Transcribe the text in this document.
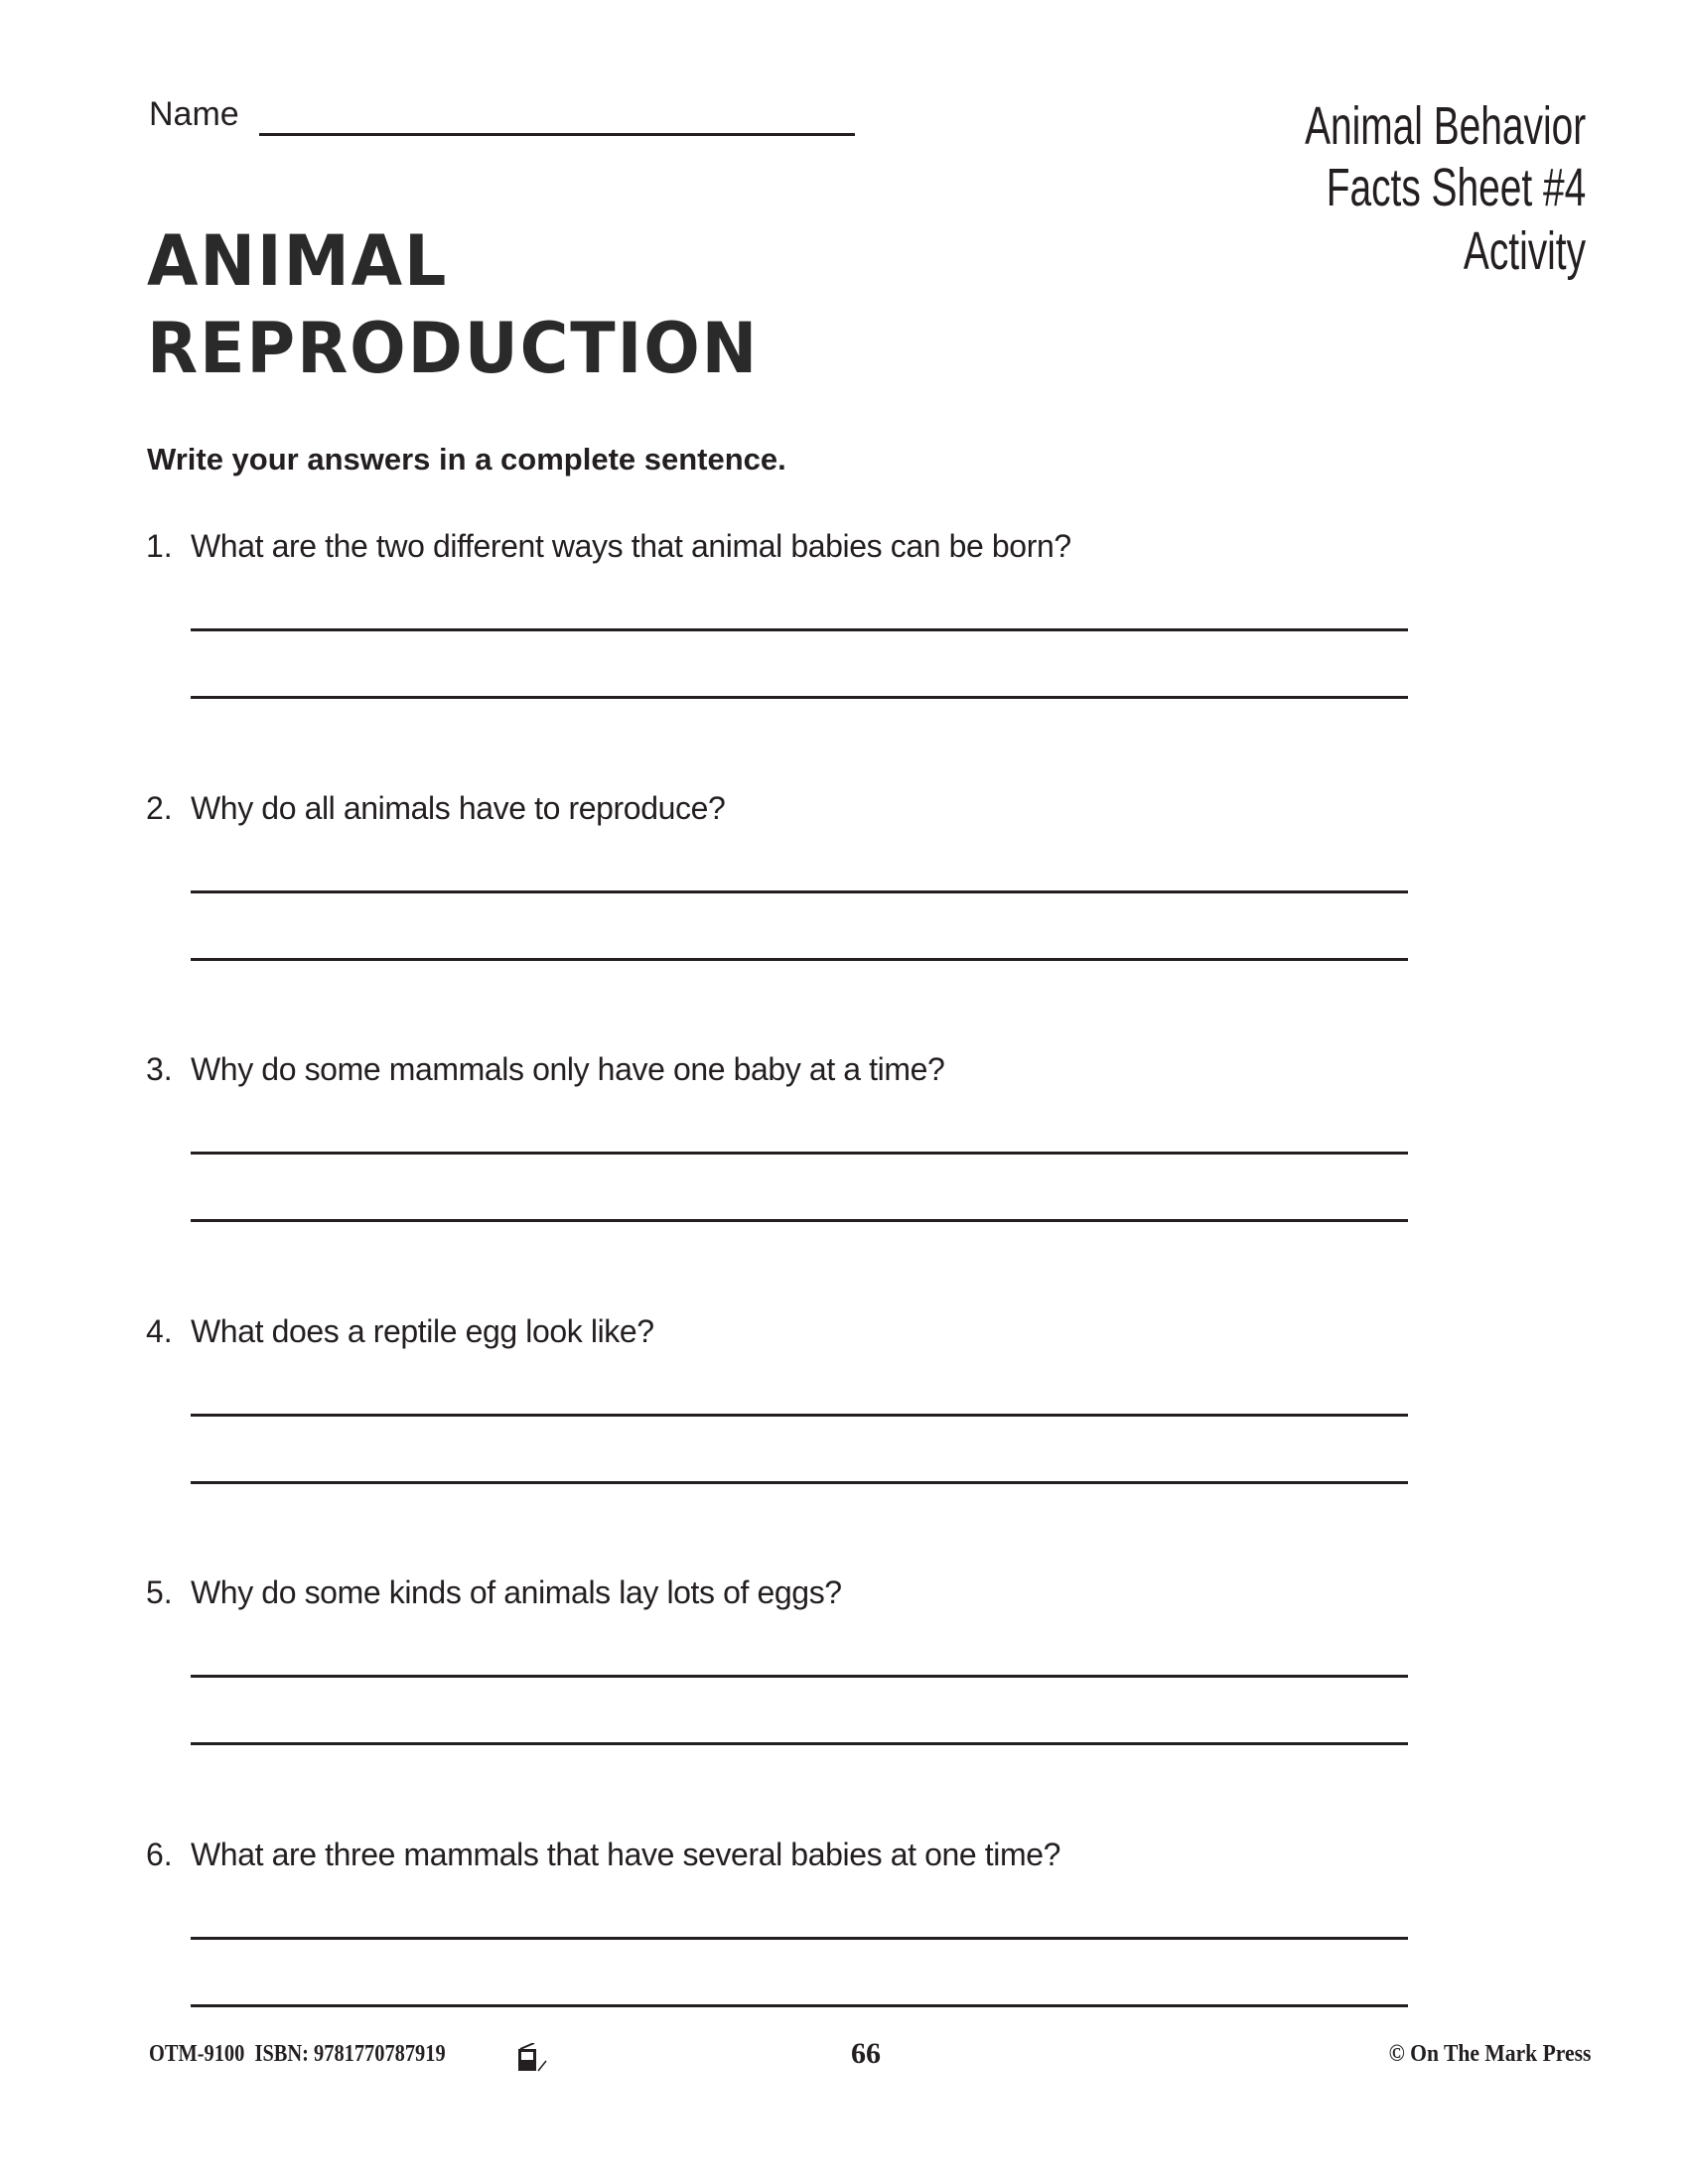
Name	Animal Behavior
Facts Sheet #4
Activity
ANIMAL
REPRODUCTION
Write your answers in a complete sentence.
1. What are the two different ways that animal babies can be born?
2. Why do all animals have to reproduce?
3. Why do some mammals only have one baby at a time?
4. What does a reptile egg look like?
5. Why do some kinds of animals lay lots of eggs?
6. What are three mammals that have several babies at one time?
OTM-9100  ISBN: 9781770787919	66	© On The Mark Press
